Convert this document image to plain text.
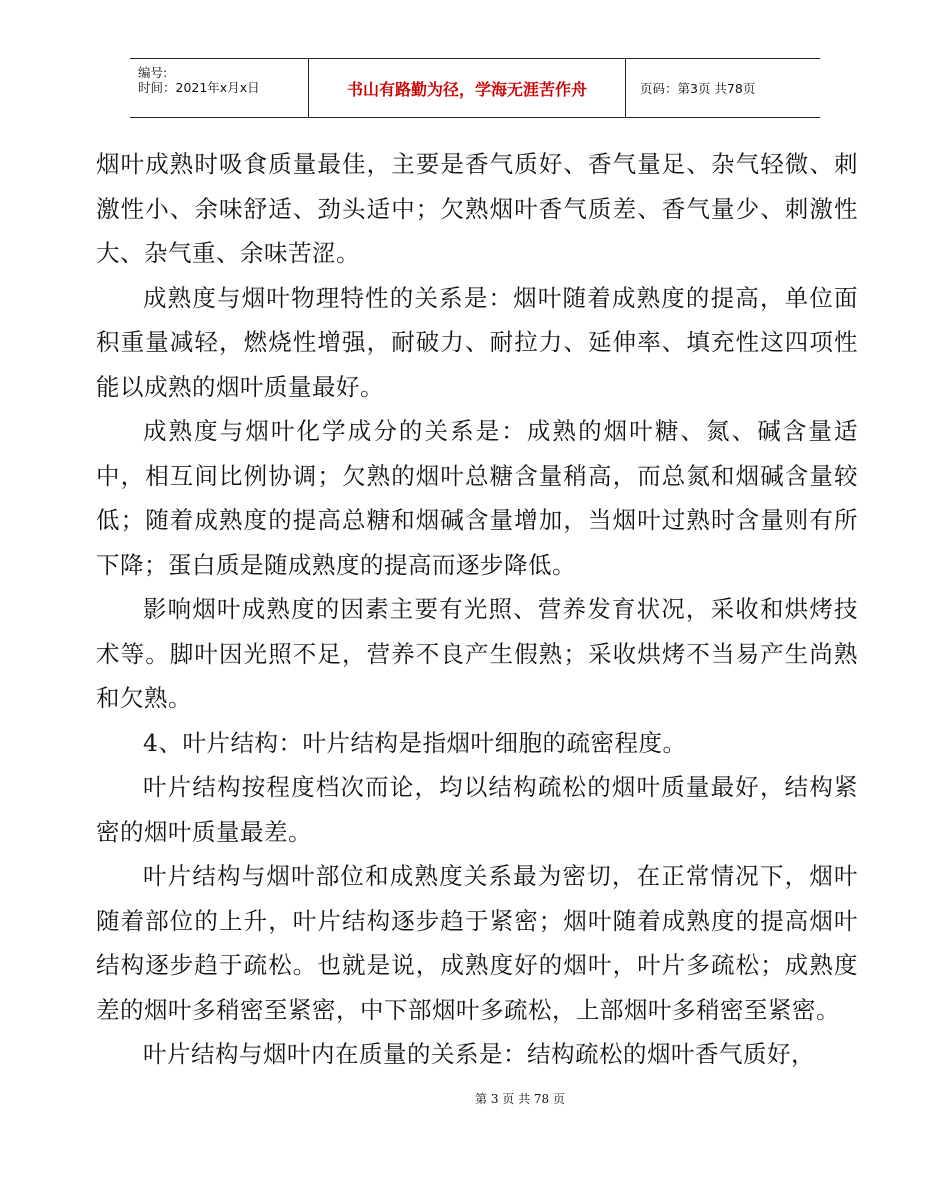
编号:
时间：2021年x月x日	书山有路勤为径，学海无涯苦作舟	页码：第3页 共78页

烟叶成熟时吸食质量最佳，主要是香气质好、香气量足、杂气轻微、刺激性小、余味舒适、劲头适中；欠熟烟叶香气质差、香气量少、刺激性大、杂气重、余味苦涩。

成熟度与烟叶物理特性的关系是：烟叶随着成熟度的提高，单位面积重量减轻，燃烧性增强，耐破力、耐拉力、延伸率、填充性这四项性能以成熟的烟叶质量最好。

成熟度与烟叶化学成分的关系是：成熟的烟叶糖、氮、碱含量适中，相互间比例协调；欠熟的烟叶总糖含量稍高，而总氮和烟碱含量较低；随着成熟度的提高总糖和烟碱含量增加，当烟叶过熟时含量则有所下降；蛋白质是随成熟度的提高而逐步降低。

影响烟叶成熟度的因素主要有光照、营养发育状况，采收和烘烤技术等。脚叶因光照不足，营养不良产生假熟；采收烘烤不当易产生尚熟和欠熟。

4、叶片结构：叶片结构是指烟叶细胞的疏密程度。

叶片结构按程度档次而论，均以结构疏松的烟叶质量最好，结构紧密的烟叶质量最差。

叶片结构与烟叶部位和成熟度关系最为密切，在正常情况下，烟叶随着部位的上升，叶片结构逐步趋于紧密；烟叶随着成熟度的提高烟叶结构逐步趋于疏松。也就是说，成熟度好的烟叶，叶片多疏松；成熟度差的烟叶多稍密至紧密，中下部烟叶多疏松，上部烟叶多稍密至紧密。

叶片结构与烟叶内在质量的关系是：结构疏松的烟叶香气质好，

第 3 页 共 78 页
